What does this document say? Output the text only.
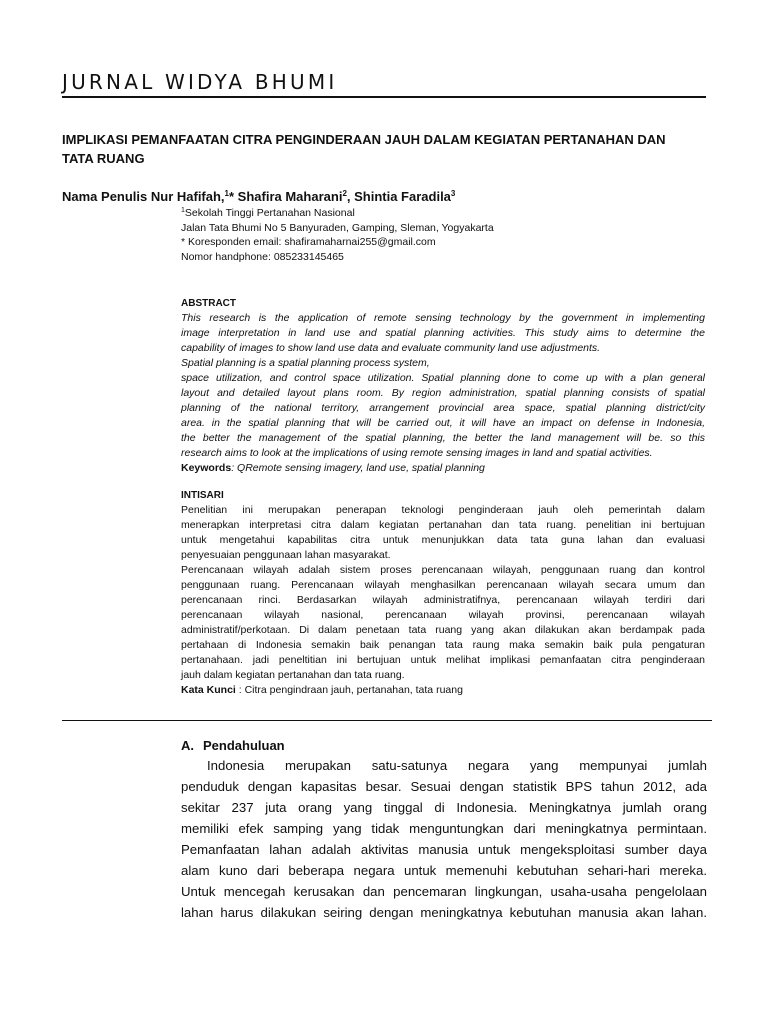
JURNAL WIDYA BHUMI
IMPLIKASI PEMANFAATAN CITRA PENGINDERAAN JAUH DALAM KEGIATAN PERTANAHAN DAN
TATA RUANG
Nama Penulis Nur Hafifah,$^1$* Shafira Maharani$^2$, Shintia Faradila$^3$
$^1$Sekolah Tinggi Pertanahan Nasional
Jalan Tata Bhumi No 5 Banyuraden, Gamping, Sleman, Yogyakarta
* Koresponden email: shafiramaharnai255@gmail.com
Nomor handphone: 085233145465
ABSTRACT
This research is the application of remote sensing technology by the government in implementing
image interpretation in land use and spatial planning activities. This study aims to determine the
capability of images to show land use data and evaluate community land use adjustments.
Spatial planning is a spatial planning process system,
space utilization, and control space utilization. Spatial planning done to come up with a plan general
layout and detailed layout plans room. By region administration, spatial planning consists of spatial
planning of the national territory, arrangement provincial area space, spatial planning district/city
area. in the spatial planning that will be carried out, it will have an impact on defense in Indonesia,
the better the management of the spatial planning, the better the land management will be. so this
research aims to look at the implications of using remote sensing images in land and spatial activities.
Keywords: QRemote sensing imagery, land use, spatial planning
INTISARI
Penelitian ini merupakan penerapan teknologi penginderaan jauh oleh pemerintah dalam
menerapkan interpretasi citra dalam kegiatan pertanahan dan tata ruang. penelitian ini bertujuan
untuk mengetahui kapabilitas citra untuk menunjukkan data tata guna lahan dan evaluasi
penyesuaian penggunaan lahan masyarakat.
Perencanaan wilayah adalah sistem proses perencanaan wilayah, penggunaan ruang dan kontrol
penggunaan ruang. Perencanaan wilayah menghasilkan perencanaan wilayah secara umum dan
perencanaan rinci. Berdasarkan wilayah administratifnya, perencanaan wilayah terdiri dari
perencanaan wilayah nasional, perencanaan wilayah provinsi, perencanaan wilayah
administratif/perkotaan. Di dalam penetaan tata ruang yang akan dilakukan akan berdampak pada
pertahaan di Indonesia semakin baik penangan tata raung maka semakin baik pula pengaturan
pertanahaan. jadi peneltitian ini bertujuan untuk melihat implikasi pemanfaatan citra penginderaan
jauh dalam kegiatan pertanahan dan tata ruang.
Kata Kunci : Citra pengindraan jauh, pertanahan, tata ruang
A. Pendahuluan
Indonesia merupakan satu-satunya negara yang mempunyai jumlah
penduduk dengan kapasitas besar. Sesuai dengan statistik BPS tahun 2012, ada
sekitar 237 juta orang yang tinggal di Indonesia. Meningkatnya jumlah orang
memiliki efek samping yang tidak menguntungkan dari meningkatnya permintaan.
Pemanfaatan lahan adalah aktivitas manusia untuk mengeksploitasi sumber daya
alam kuno dari beberapa negara untuk memenuhi kebutuhan sehari-hari mereka.
Untuk mencegah kerusakan dan pencemaran lingkungan, usaha-usaha pengelolaan
lahan harus dilakukan seiring dengan meningkatnya kebutuhan manusia akan lahan.
